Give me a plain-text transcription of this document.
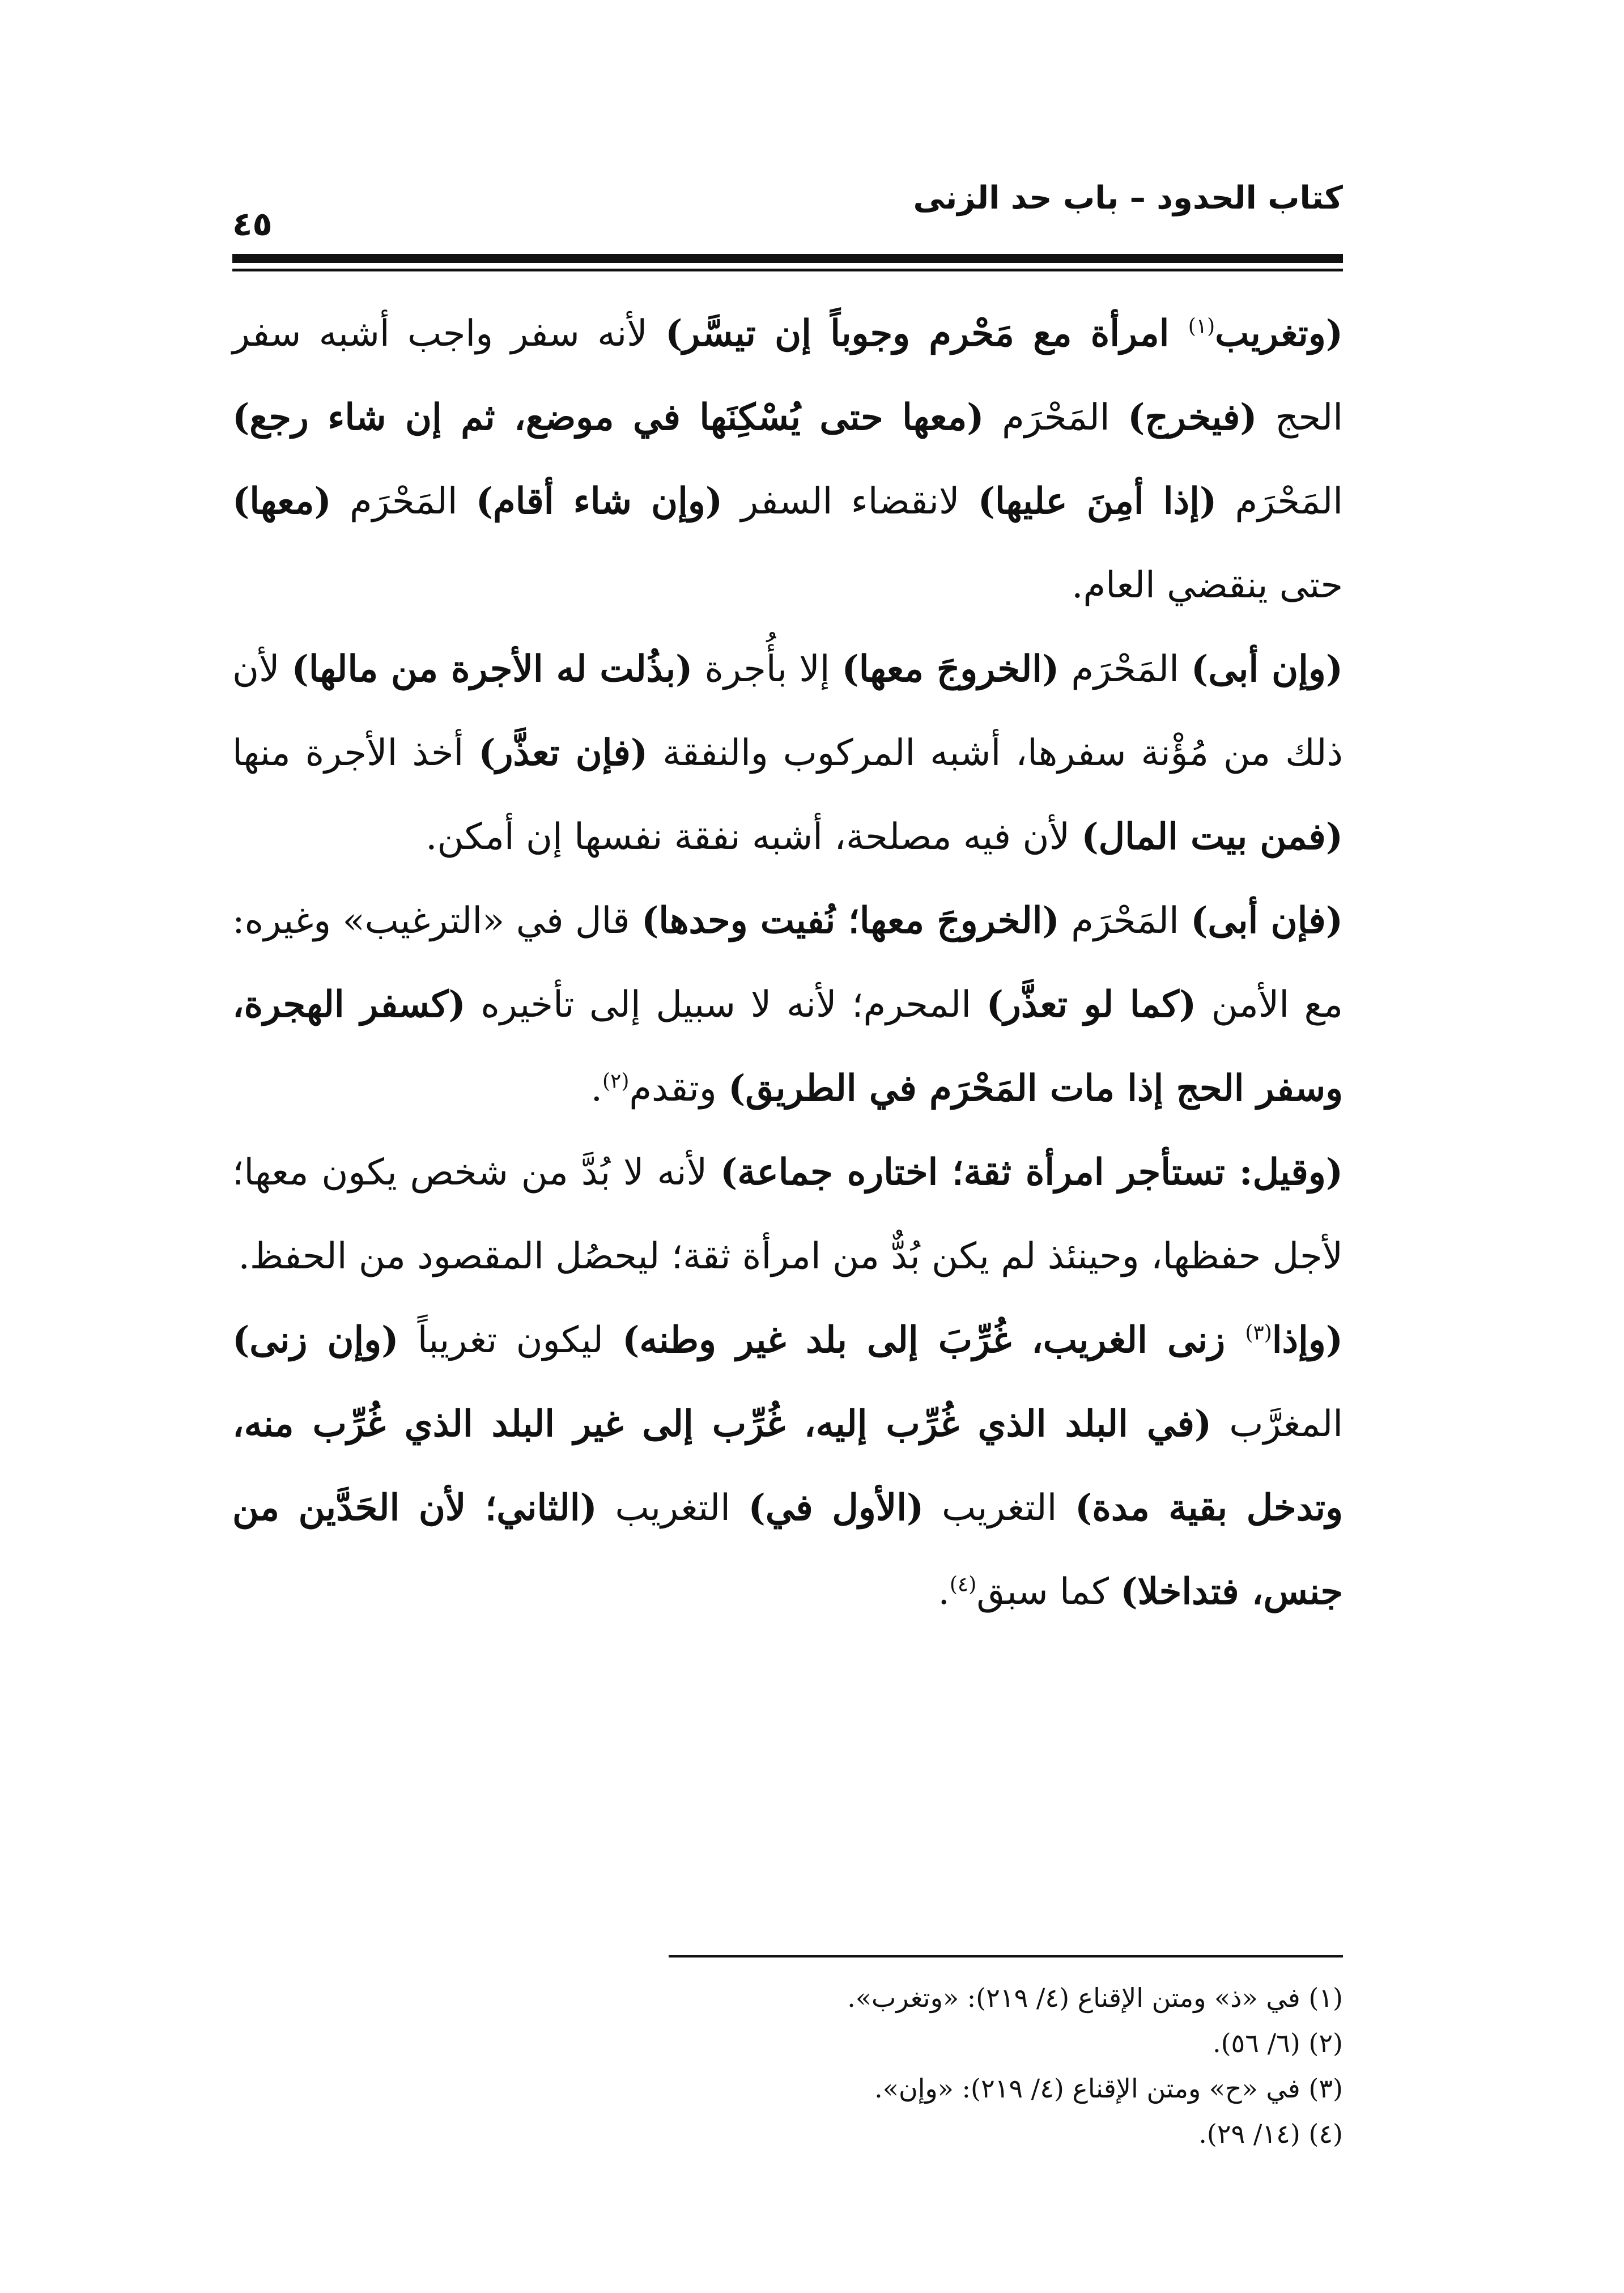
كتاب الحدود – باب حد الزنى
٤٥

(وتغريب$^{(١)}$ امرأة مع مَحْرم وجوباً إن تيسَّر) لأنه سفر واجب أشبه سفر الحج (فيخرج) المَحْرَم (معها حتى يُسْكِنَها في موضع، ثم إن شاء رجع) المَحْرَم (إذا أمِنَ عليها) لانقضاء السفر (وإن شاء أقام) المَحْرَم (معها) حتى ينقضي العام.

(وإن أبى) المَحْرَم (الخروجَ معها) إلا بأُجرة (بذُلت له الأجرة من مالها) لأن ذلك من مُؤْنة سفرها، أشبه المركوب والنفقة (فإن تعذَّر) أخذ الأجرة منها (فمن بيت المال) لأن فيه مصلحة، أشبه نفقة نفسها إن أمكن.

(فإن أبى) المَحْرَم (الخروجَ معها؛ نُفيت وحدها) قال في «الترغيب» وغيره: مع الأمن (كما لو تعذَّر) المحرم؛ لأنه لا سبيل إلى تأخيره (كسفر الهجرة، وسفر الحج إذا مات المَحْرَم في الطريق) وتقدم$^{(٢)}$.

(وقيل: تستأجر امرأة ثقة؛ اختاره جماعة) لأنه لا بُدَّ من شخص يكون معها؛ لأجل حفظها، وحينئذ لم يكن بُدٌّ من امرأة ثقة؛ ليحصُل المقصود من الحفظ.

(وإذا$^{(٣)}$ زنى الغريب، غُرِّبَ إلى بلد غير وطنه) ليكون تغريباً (وإن زنى) المغرَّب (في البلد الذي غُرِّب إليه، غُرِّب إلى غير البلد الذي غُرِّب منه، وتدخل بقية مدة) التغريب (الأول في) التغريب (الثاني؛ لأن الحَدَّين من جنس، فتداخلا) كما سبق$^{(٤)}$.

(١) في «ذ» ومتن الإقناع (٤/ ٢١٩): «وتغرب».

(٢) (٦/ ٥٦).

(٣) في «ح» ومتن الإقناع (٤/ ٢١٩): «وإن».

(٤) (١٤/ ٢٩).
